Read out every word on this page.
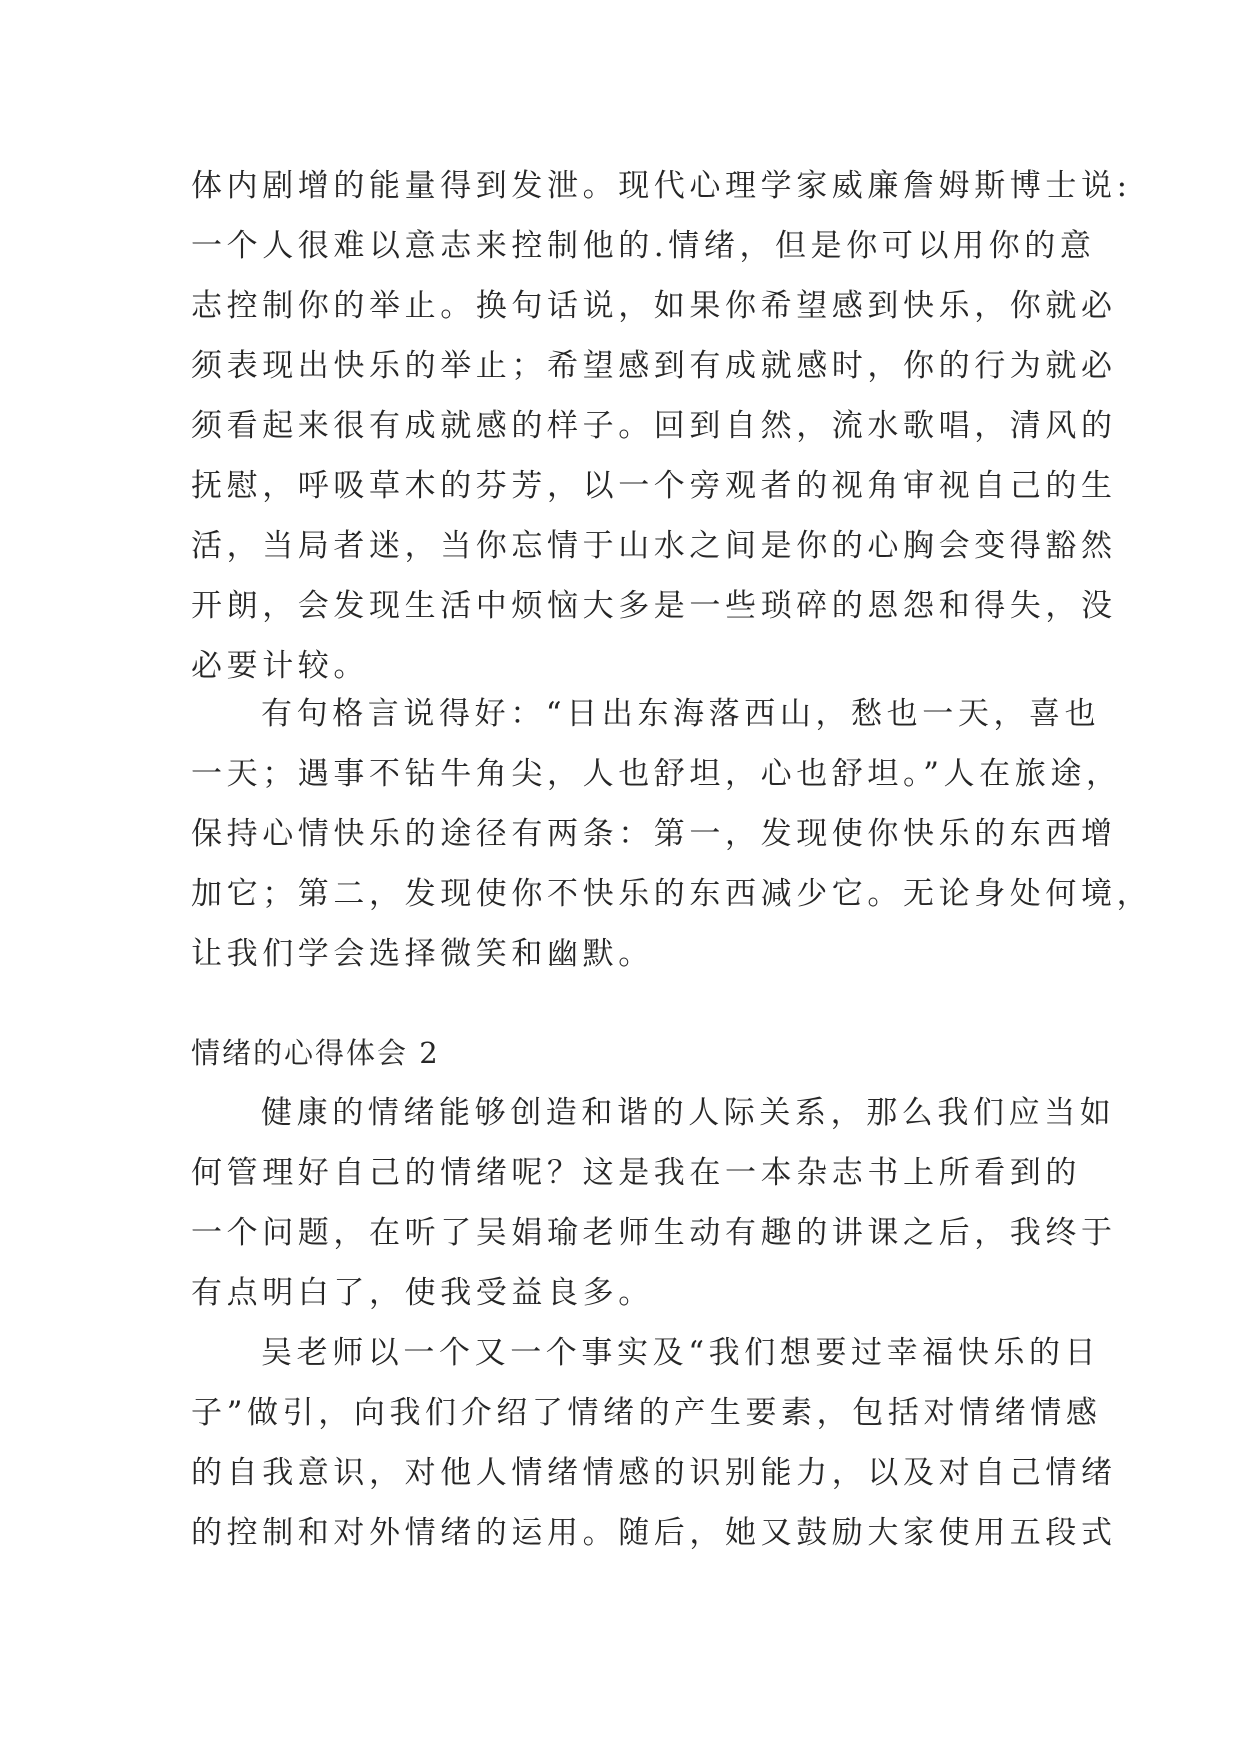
体内剧增的能量得到发泄。现代心理学家威廉詹姆斯博士说:
一个人很难以意志来控制他的.情绪，但是你可以用你的意
志控制你的举止。换句话说，如果你希望感到快乐，你就必
须表现出快乐的举止；希望感到有成就感时，你的行为就必
须看起来很有成就感的样子。回到自然，流水歌唱，清风的
抚慰，呼吸草木的芬芳，以一个旁观者的视角审视自己的生
活，当局者迷，当你忘情于山水之间是你的心胸会变得豁然
开朗，会发现生活中烦恼大多是一些琐碎的恩怨和得失，没
必要计较。
有句格言说得好：“日出东海落西山，愁也一天，喜也
一天；遇事不钻牛角尖，人也舒坦，心也舒坦。”人在旅途，
保持心情快乐的途径有两条：第一，发现使你快乐的东西增
加它；第二，发现使你不快乐的东西减少它。无论身处何境，
让我们学会选择微笑和幽默。
情绪的心得体会 2
健康的情绪能够创造和谐的人际关系，那么我们应当如
何管理好自己的情绪呢？这是我在一本杂志书上所看到的
一个问题，在听了吴娟瑜老师生动有趣的讲课之后，我终于
有点明白了，使我受益良多。
吴老师以一个又一个事实及“我们想要过幸福快乐的日
子”做引，向我们介绍了情绪的产生要素，包括对情绪情感
的自我意识，对他人情绪情感的识别能力，以及对自己情绪
的控制和对外情绪的运用。随后，她又鼓励大家使用五段式
